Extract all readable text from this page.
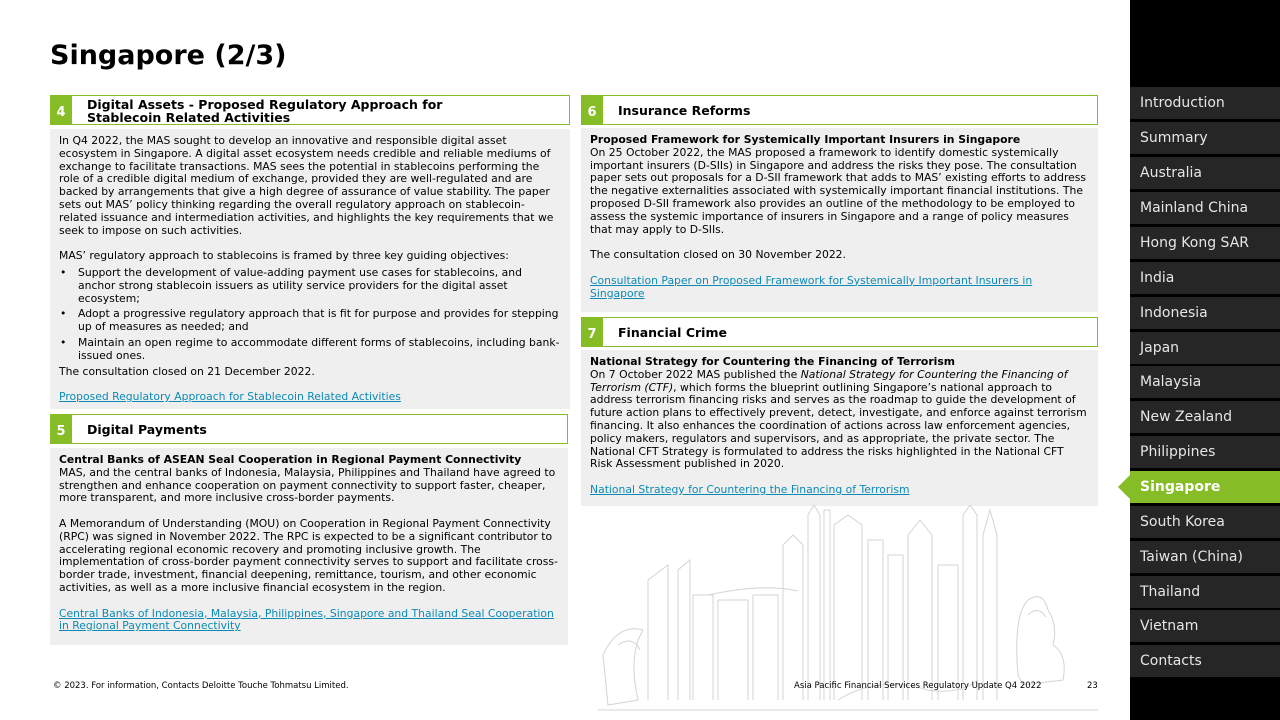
Singapore (2/3)
4
Digital Assets - Proposed Regulatory Approach for
Stablecoin Related Activities

In Q4 2022, the MAS sought to develop an innovative and responsible digital asset ecosystem in Singapore. A digital asset ecosystem needs credible and reliable mediums of exchange to facilitate transactions. MAS sees the potential in stablecoins performing the role of a credible digital medium of exchange, provided they are well-regulated and are backed by arrangements that give a high degree of assurance of value stability. The paper sets out MAS’ policy thinking regarding the overall regulatory approach on stablecoin-related issuance and intermediation activities, and highlights the key requirements that we seek to impose on such activities.

MAS’ regulatory approach to stablecoins is framed by three key guiding objectives:

• Support the development of value-adding payment use cases for stablecoins, and anchor strong stablecoin issuers as utility service providers for the digital asset ecosystem;
• Adopt a progressive regulatory approach that is fit for purpose and provides for stepping up of measures as needed; and
• Maintain an open regime to accommodate different forms of stablecoins, including bank-issued ones.

The consultation closed on 21 December 2022.

Proposed Regulatory Approach for Stablecoin Related Activities

5 Digital Payments

Central Banks of ASEAN Seal Cooperation in Regional Payment Connectivity

MAS, and the central banks of Indonesia, Malaysia, Philippines and Thailand have agreed to strengthen and enhance cooperation on payment connectivity to support faster, cheaper, more transparent, and more inclusive cross-border payments.

A Memorandum of Understanding (MOU) on Cooperation in Regional Payment Connectivity (RPC) was signed in November 2022. The RPC is expected to be a significant contributor to accelerating regional economic recovery and promoting inclusive growth. The implementation of cross-border payment connectivity serves to support and facilitate cross-border trade, investment, financial deepening, remittance, tourism, and other economic activities, as well as a more inclusive financial ecosystem in the region.

Central Banks of Indonesia, Malaysia, Philippines, Singapore and Thailand Seal Cooperation in Regional Payment Connectivity

6 Insurance Reforms

Proposed Framework for Systemically Important Insurers in Singapore

On 25 October 2022, the MAS proposed a framework to identify domestic systemically important insurers (D-SIIs) in Singapore and address the risks they pose. The consultation paper sets out proposals for a D-SII framework that adds to MAS’ existing efforts to address the negative externalities associated with systemically important financial institutions. The proposed D-SII framework also provides an outline of the methodology to be employed to assess the systemic importance of insurers in Singapore and a range of policy measures that may apply to D-SIIs.

The consultation closed on 30 November 2022.

Consultation Paper on Proposed Framework for Systemically Important Insurers in Singapore

7 Financial Crime

National Strategy for Countering the Financing of Terrorism

On 7 October 2022 MAS published the National Strategy for Countering the Financing of Terrorism (CTF), which forms the blueprint outlining Singapore’s national approach to address terrorism financing risks and serves as the roadmap to guide the development of future action plans to effectively prevent, detect, investigate, and enforce against terrorism financing. It also enhances the coordination of actions across law enforcement agencies, policy makers, regulators and supervisors, and as appropriate, the private sector. The National CFT Strategy is formulated to address the risks highlighted in the National CFT Risk Assessment published in 2020.

National Strategy for Countering the Financing of Terrorism

© 2023. For information, Contacts Deloitte Touche Tohmatsu Limited.	Asia Pacific Financial Services Regulatory Update Q4 2022	23
Introduction
Summary
Australia
Mainland China
Hong Kong SAR
India
Indonesia
Japan
Malaysia
New Zealand
Philippines
Singapore
South Korea
Taiwan (China)
Thailand
Vietnam
Contacts
